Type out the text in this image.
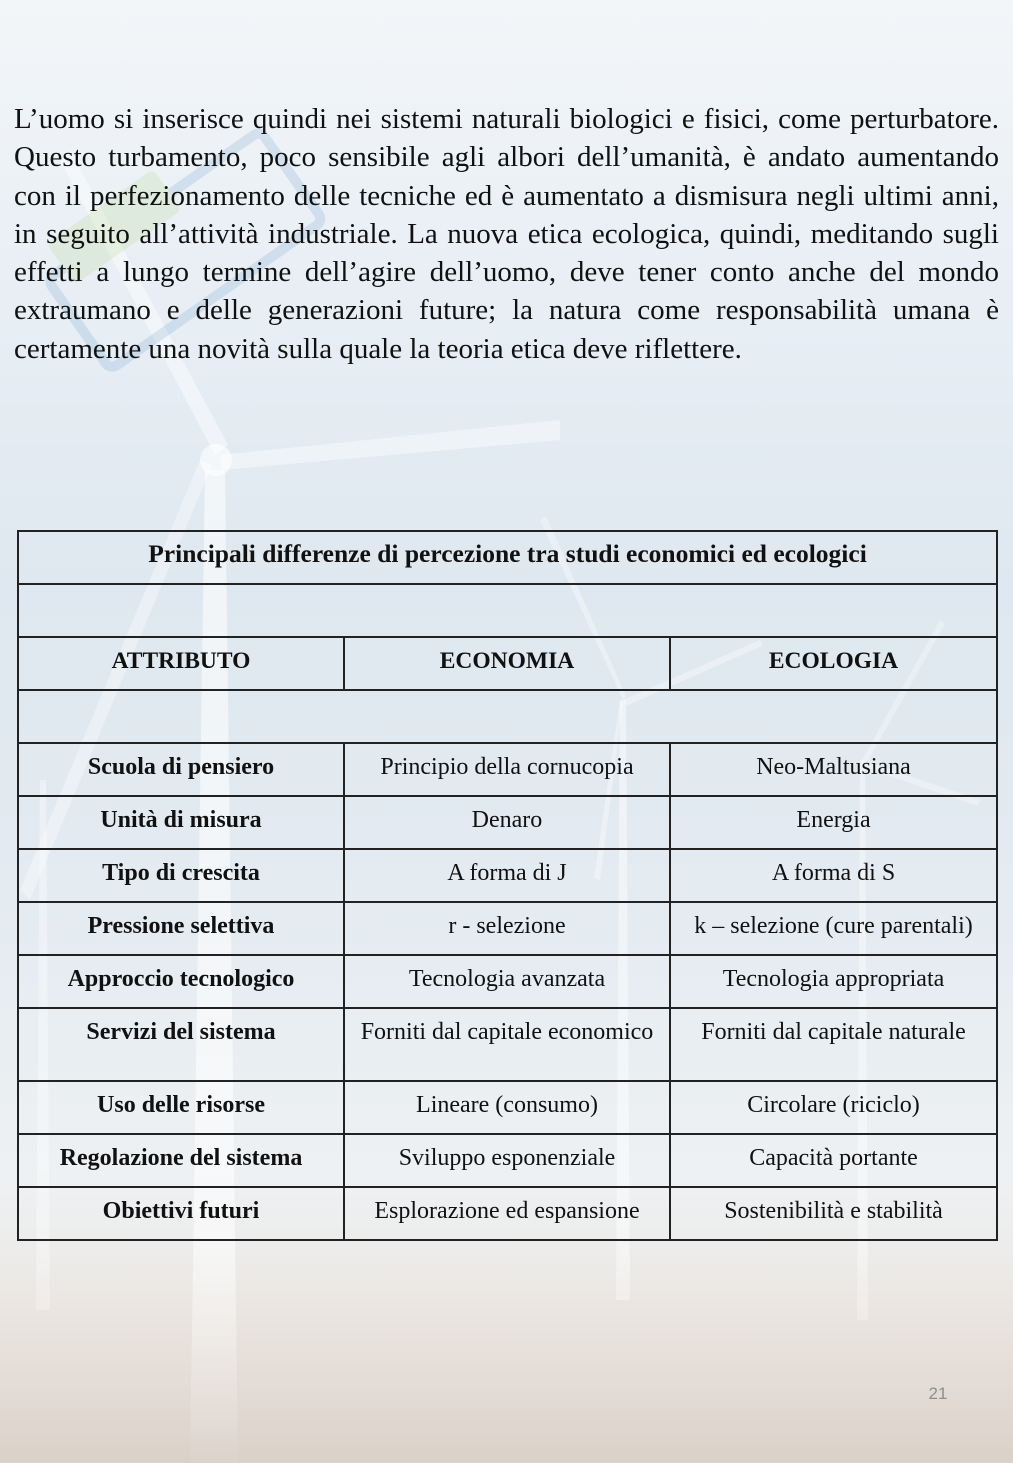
L’uomo si inserisce quindi nei sistemi naturali biologici e fisici, come perturbatore. Questo turbamento, poco sensibile agli albori dell’umanità, è andato aumentando con il perfezionamento delle tecniche ed è aumentato a dismisura negli ultimi anni, in seguito all’attività industriale. La nuova etica ecologica, quindi, meditando sugli effetti a lungo termine dell’agire dell’uomo, deve tener conto anche del mondo extraumano e delle generazioni future; la natura come responsabilità umana è certamente una novità sulla quale la teoria etica deve riflettere.

Principali differenze di percezione tra studi economici ed ecologici		

ATTRIBUTO	ECONOMIA	ECOLOGIA

Scuola di pensiero	Principio della cornucopia	Neo-Maltusiana
Unità di misura	Denaro	Energia
Tipo di crescita	A forma di J	A forma di S
Pressione selettiva	r - selezione	k – selezione (cure parentali)
Approccio tecnologico	Tecnologia avanzata	Tecnologia appropriata
Servizi del sistema	Forniti dal capitale economico	Forniti dal capitale naturale
Uso delle risorse	Lineare (consumo)	Circolare (riciclo)
Regolazione del sistema	Sviluppo esponenziale	Capacità portante
Obiettivi futuri	Esplorazione ed espansione	Sostenibilità e stabilità
21
